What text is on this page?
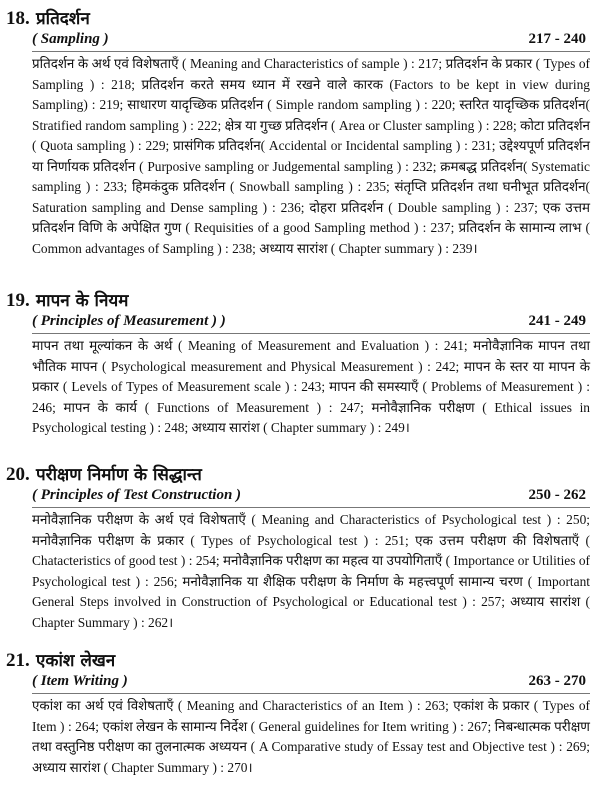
18. प्रतिदर्शन
( Sampling )	217 - 240
प्रतिदर्शन के अर्थ एवं विशेषताएँ ( Meaning and Characteristics of sample ) : 217; प्रतिदर्शन के प्रकार ( Types of Sampling ) : 218; प्रतिदर्शन करते समय ध्यान में रखने वाले कारक (Factors to be kept in view during Sampling) : 219; साधारण यादृच्छिक प्रतिदर्शन ( Simple random sampling ) : 220; स्तरित यादृच्छिक प्रतिदर्शन( Stratified random sampling ) : 222; क्षेत्र या गुच्छ प्रतिदर्शन ( Area or Cluster sampling ) : 228; कोटा प्रतिदर्शन ( Quota sampling ) : 229; प्रासंगिक प्रतिदर्शन( Accidental or Incidental sampling ) : 231; उद्देश्यपूर्ण प्रतिदर्शन या निर्णायक प्रतिदर्शन ( Purposive sampling or Judgemental sampling ) : 232; क्रमबद्ध प्रतिदर्शन( Systematic sampling ) : 233; हिमकंदुक प्रतिदर्शन ( Snowball sampling ) : 235; संतृप्ति प्रतिदर्शन तथा घनीभूत प्रतिदर्शन( Saturation sampling and Dense sampling ) : 236; दोहरा प्रतिदर्शन ( Double sampling ) : 237; एक उत्तम प्रतिदर्शन विणि के अपेक्षित गुण ( Requisities of a good Sampling method ) : 237; प्रतिदर्शन के सामान्य लाभ ( Common advantages of Sampling ) : 238; अध्याय सारांश ( Chapter summary ) : 239।
19. मापन के नियम
( Principles of Measurement ) )	241 - 249
मापन तथा मूल्यांकन के अर्थ ( Meaning of Measurement and Evaluation ) : 241; मनोवैज्ञानिक मापन तथा भौतिक मापन ( Psychological measurement and Physical Measurement ) : 242; मापन के स्तर या मापन के प्रकार ( Levels of Types of Measurement scale ) : 243; मापन की समस्याएँ ( Problems of Measurement ) : 246; मापन के कार्य ( Functions of Measurement ) : 247; मनोवैज्ञानिक परीक्षण ( Ethical issues in Psychological testing ) : 248; अध्याय सारांश ( Chapter summary ) : 249।
20. परीक्षण निर्माण के सिद्धान्त
( Principles of Test Construction )	250 - 262
मनोवैज्ञानिक परीक्षण के अर्थ एवं विशेषताएँ ( Meaning and Characteristics of Psychological test ) : 250; मनोवैज्ञानिक परीक्षण के प्रकार ( Types of Psychological test ) : 251; एक उत्तम परीक्षण की विशेषताएँ ( Chatacteristics of good test ) : 254; मनोवैज्ञानिक परीक्षण का महत्व या उपयोगिताएँ ( Importance or Utilities of Psychological test ) : 256; मनोवैज्ञानिक या शैक्षिक परीक्षण के निर्माण के महत्त्वपूर्ण सामान्य चरण ( Important General Steps involved in Construction of Psychological or Educational test ) : 257; अध्याय सारांश ( Chapter Summary ) : 262।
21. एकांश लेखन
( Item Writing )	263 - 270
एकांश का अर्थ एवं विशेषताएँ ( Meaning and Characteristics of an Item ) : 263; एकांश के प्रकार ( Types of Item ) : 264; एकांश लेखन के सामान्य निर्देश ( General guidelines for Item writing ) : 267; निबन्धात्मक परीक्षण तथा वस्तुनिष्ठ परीक्षण का तुलनात्मक अध्ययन ( A Comparative study of Essay test and Objective test ) : 269; अध्याय सारांश ( Chapter Summary ) : 270।
